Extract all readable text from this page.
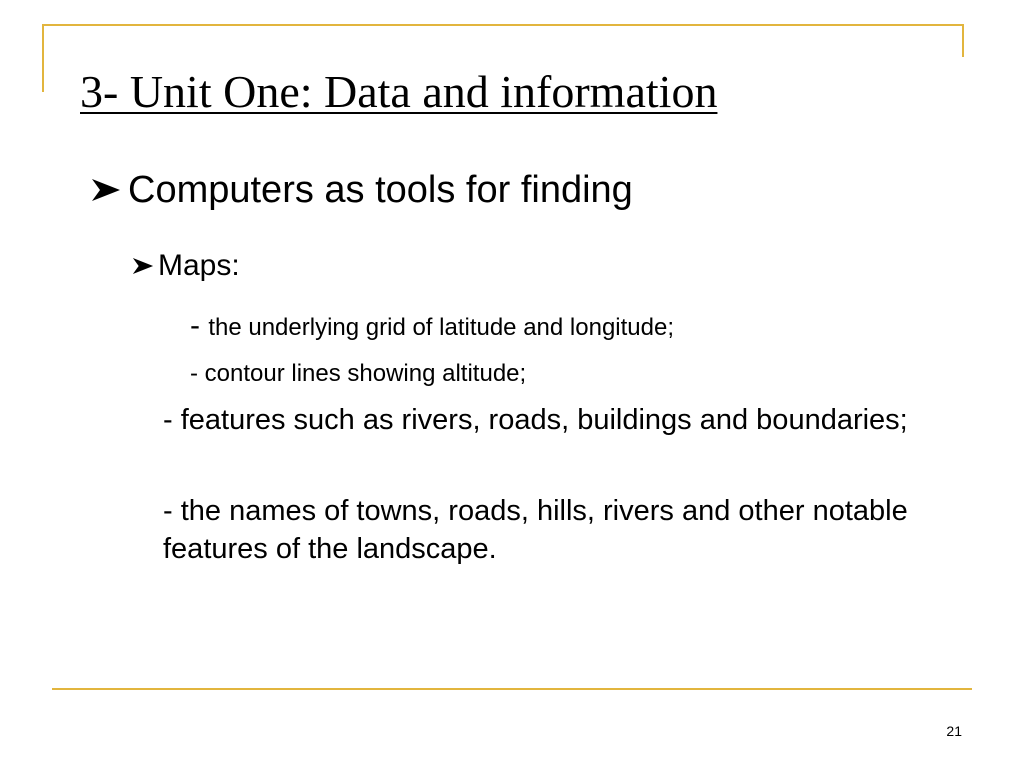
3- Unit One: Data and information
Computers as tools for finding
Maps:

- the underlying grid of latitude and longitude;

- contour lines showing altitude;

- features such as rivers, roads, buildings and boundaries;

- the names of towns, roads, hills, rivers and other notable features of the landscape.

21
